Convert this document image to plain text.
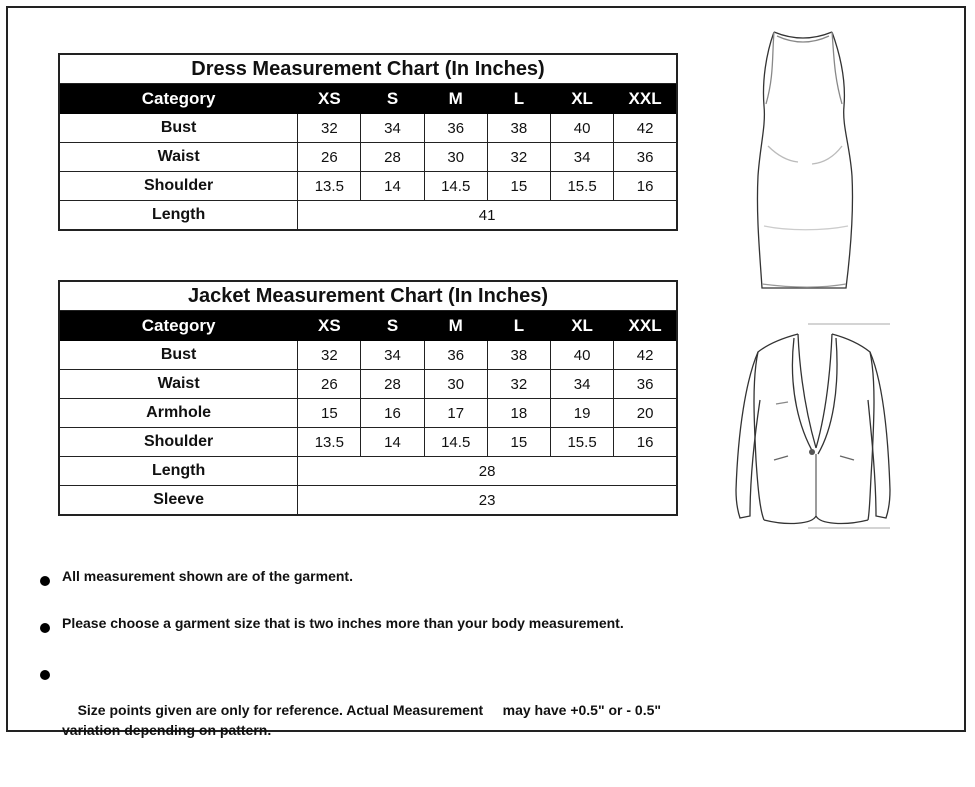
Dress Measurement Chart (In Inches)						
Category	XS	S	M	L	XL	XXL
Bust	32	34	36	38	40	42
Waist	26	28	30	32	34	36
Shoulder	13.5	14	14.5	15	15.5	16
Length	41					
Jacket Measurement Chart (In Inches)						
Category	XS	S	M	L	XL	XXL
Bust	32	34	36	38	40	42
Waist	26	28	30	32	34	36
Armhole	15	16	17	18	19	20
Shoulder	13.5	14	14.5	15	15.5	16
Length	28					
Sleeve	23					
All measurement shown are of the garment.
Please choose a garment size that is two inches more than your body measurement.

Size points given are only for reference. Actual Measurement     may have +0.5" or - 0.5" variation depending on pattern.
